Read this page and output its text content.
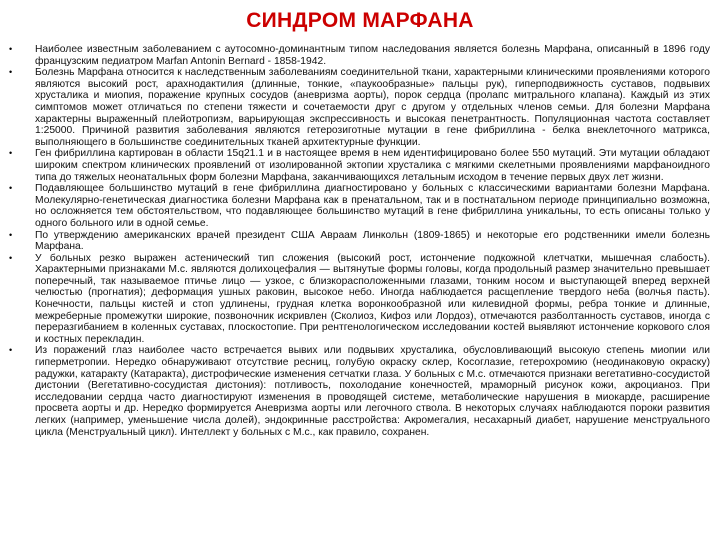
СИНДРОМ МАРФАНА
•	Наиболее известным заболеванием с аутосомно-доминантным типом наследования является болезнь Марфана, описанный в 1896 году французским педиатром Marfan Antonin Bernard - 1858-1942.
•	Болезнь Марфана относится к наследственным заболеваниям соединительной ткани, характерными клиническими проявлениями которого являются высокий рост, арахнодактилия (длинные, тонкие, «паукообразные» пальцы рук), гиперподвижность суставов, подвывих хрусталика и миопия, поражение крупных сосудов (аневризма аорты), порок сердца (пролапс митрального клапана). Каждый из этих симптомов может отличаться по степени тяжести и сочетаемости друг с другом у отдельных членов семьи. Для болезни Марфана характерны выраженный плейотропизм, варьирующая экспрессивность и высокая пенетрантность. Популяционная частота составляет 1:25000. Причиной развития заболевания являются гетерозиготные мутации в гене фибриллина - белка внеклеточного матрикса, выполняющего в большинстве соединительных тканей архитектурные функции.
•	Ген фибриллина картирован в области 15q21.1 и в настоящее время в нем идентифицировано более 550 мутаций. Эти мутации обладают широким спектром клинических проявлений от изолированной эктопии хрусталика с мягкими скелетными проявлениями марфаноидного типа до тяжелых неонатальных форм болезни Марфана, заканчивающихся летальным исходом в течение первых двух лет жизни.
•	Подавляющее большинство мутаций в гене фибриллина диагностировано у больных с классическими вариантами болезни Марфана. Молекулярно-генетическая диагностика болезни Марфана как в пренатальном, так и в постнатальном периоде принципиально возможна, но осложняется тем обстоятельством, что подавляющее большинство мутаций в гене фибриллина уникальны, то есть описаны только у одного больного или в одной семье.
•	По утверждению американских врачей президент США Авраам Линкольн (1809-1865) и некоторые его родственники имели болезнь Марфана.
•	У больных резко выражен астенический тип сложения (высокий рост, истончение подкожной клетчатки, мышечная слабость). Характерными признаками М.с. являются долихоцефалия — вытянутые формы головы, когда продольный размер значительно превышает поперечный, так называемое птичье лицо — узкое, с близкорасположенными глазами, тонким носом и выступающей вперед верхней челюстью (прогнатия); деформация ушных раковин, высокое небо. Иногда наблюдается расщепление твердого неба (волчья пасть). Конечности, пальцы кистей и стоп удлинены, грудная клетка воронкообразной или килевидной формы, ребра тонкие и длинные, межреберные промежутки широкие, позвоночник искривлен (Сколиоз, Кифоз или Лордоз), отмечаются разболтанность суставов, иногда с переразгибанием в коленных суставах, плоскостопие. При рентгенологическом исследовании костей выявляют истончение коркового слоя и костных перекладин.
•	Из поражений глаз наиболее часто встречается вывих или подвывих хрусталика, обусловливающий высокую степень миопии или гиперметропии. Нередко обнаруживают отсутствие ресниц, голубую окраску склер, Косоглазие, гетерохромию (неодинаковую окраску) радужки, катаракту (Катаракта), дистрофические изменения сетчатки глаза. У больных с М.с. отмечаются признаки вегетативно-сосудистой дистонии (Вегетативно-сосудистая дистония): потливость, похолодание конечностей, мраморный рисунок кожи, акроцианоз. При исследовании сердца часто диагностируют изменения в проводящей системе, метаболические нарушения в миокарде, расширение просвета аорты и др. Нередко формируется Аневризма аорты или легочного ствола. В некоторых случаях наблюдаются пороки развития легких (например, уменьшение числа долей), эндокринные расстройства: Акромегалия, несахарный диабет, нарушение менструального цикла (Менструальный цикл). Интеллект у больных с М.с., как правило, сохранен.
